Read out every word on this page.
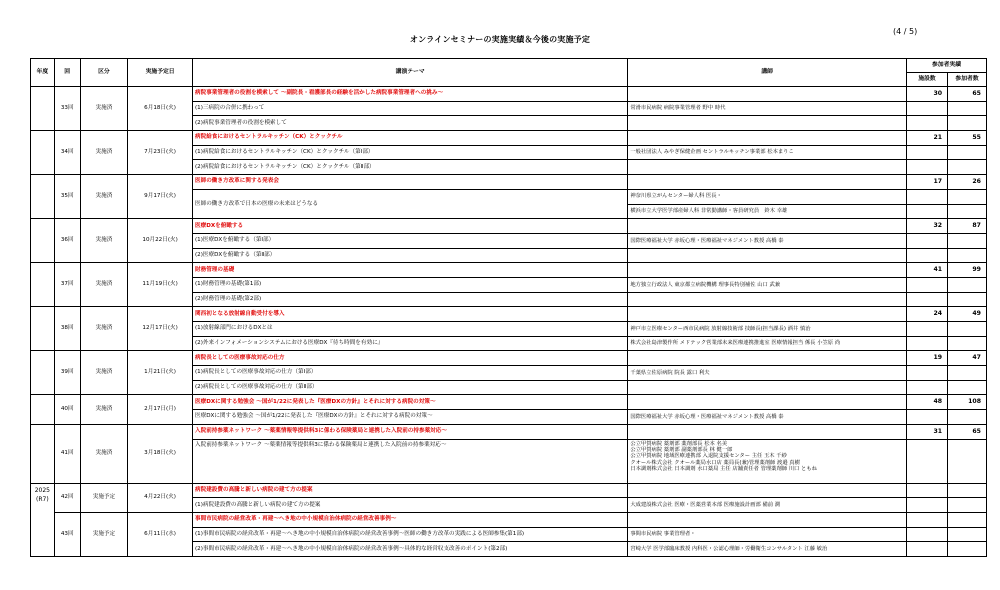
(4 / 5)
オンラインセミナーの実施実績＆今後の実施予定
年度	回	区分	実施予定日	講演テーマ	講師	参加者実績	
						施設数	参加者数
	33回	実施済	6月18日(火)	病院事業管理者の役割を模索して ～副院長・看護部長の経験を活かした病院事業管理者への挑み～		30	65
				(1)三病院の合併に携わって	常滑市民病院 病院事業管理者 野中 時代		
				(2)病院事業管理者の役割を模索して			
	34回	実施済	7月23日(火)	病院給食におけるセントラルキッチン（CK）とクックチル		21	55
				(1)病院給食におけるセントラルキッチン（CK）とクックチル（第Ⅰ部）	一般社団法人 みやぎ保健企画 セントラルキッチン事業部 松本まりこ		
				(2)病院給食におけるセントラルキッチン（CK）とクックチル（第Ⅱ部）			
	35回	実施済	9月17日(火)	医師の働き方改革に関する発表会		17	26
				医師の働き方改革で日本の医療の未来はどうなる	神奈川県立がんセンター婦人科 医長・		
					横浜市立大学医学部産婦人科 非常勤講師・客員研究員　鈴木 幸雄		
	36回	実施済	10月22日(火)	医療DXを俯瞰する		32	87
				(1)医療DXを俯瞰する（第Ⅰ部）	国際医療福祉大学 赤坂心理・医療福祉マネジメント教授 高橋 泰		
				(2)医療DXを俯瞰する（第Ⅱ部）			
	37回	実施済	11月19日(火)	財務管理の基礎		41	99
				(1)財務管理の基礎(第1部)	地方独立行政法人 東京都立病院機構 理事長特別補佐 山口 武兼		
				(2)財務管理の基礎(第2部)			
	38回	実施済	12月17日(火)	関西初となる放射線自動受付を導入		24	49
				(1)放射線部門におけるDXとは	神戸市立医療センター西市民病院 放射線技術部 技師長(担当課長) 酒井 慎治		
				(2)外来インフォメーションシステムにおける医療DX『待ち時間を有効に』	株式会社島津製作所 メドテック営業部未来医療連携推進室 医療情報担当 係長 小笠原 尚		
	39回	実施済	1月21日(火)	病院長としての医療事故対応の仕方		19	47
				(1)病院長としての医療事故対応の仕方（第Ⅰ部）	千葉県立佐原病院 院長 露口 利夫		
				(2)病院長としての医療事故対応の仕方（第Ⅱ部）			
	40回	実施済	2月17日(月)	医療DXに関する勉強会 ～国が1/22に発表した『医療DXの方針』とそれに対する病院の対策～		48	108
				医療DXに関する勉強会 ～国が1/22に発表した『医療DXの方針』とそれに対する病院の対策～	国際医療福祉大学 赤坂心理・医療福祉マネジメント教授 高橋 泰		
	41回	実施済	3月18日(火)	入院前持参薬ネットワーク ～薬薬情報等提供料3に係わる保険薬局と連携した入院前の持参薬対応～		31	65
				入院前持参薬ネットワーク ～薬薬情報等提供料3に係わる保険薬局と連携した入院前の持参薬対応～	公立甲賀病院 薬剤部 薬剤部長 松本 名美
公立甲賀病院 薬剤部 副薬剤部長 林 健一郎
公立甲賀病院 地域医療連携部 入退院支援センター 主任 玉木 千紗
クオール株式会社 クオール薬局水口店 薬局長(兼)管理薬剤師 渡邉 真樹
日本調剤株式会社 日本調剤 水口薬局 主任 店舗責任者 管理薬剤師 川口 ともね		

2025
(R7)	42回	実施予定	4月22日(火)	病院建設費の高騰と新しい病院の建て方の提案			
				(1)病院建設費の高騰と新しい病院の建て方の提案	大成建設株式会社 医療・医薬営業本部 医療施設計画部 備前 潤		
	43回	実施予定	6月11日(水)	事間市民病院の経営改革・再建～へき地の中小規模自治体病院の経営改善事例～			
				(1)事間市民病院の経営改革・再建～へき地の中小規模自治体病院の経営改善事例～医師の働き方改革の実践による医師参集(第1部)	事間市民病院 事業管理者・		
				(2)事間市民病院の経営改革・再建～へき地の中小規模自治体病院の経営改善事例～具体的な経営収支改善のポイント(第2部)	宮崎大学 医学部臨床教授 内科医・公認心理師・労働衛生コンサルタント 江藤 敏治		
